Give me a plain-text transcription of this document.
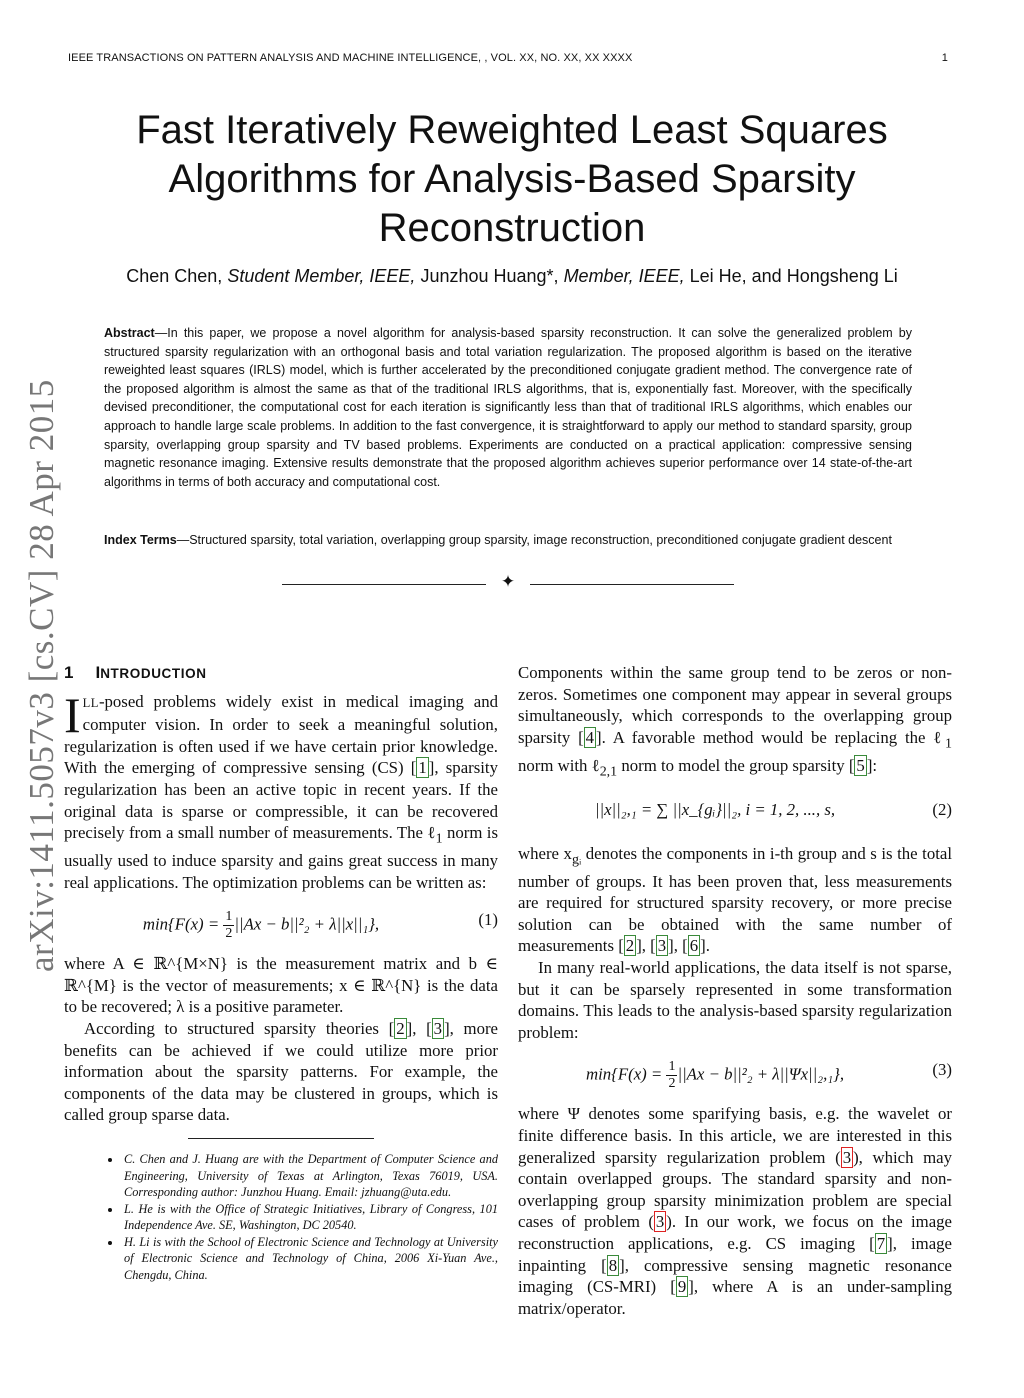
IEEE TRANSACTIONS ON PATTERN ANALYSIS AND MACHINE INTELLIGENCE, , VOL. XX, NO. XX, XX XXXX	1
Fast Iteratively Reweighted Least Squares
Algorithms for Analysis-Based Sparsity
Reconstruction
Chen Chen, Student Member, IEEE, Junzhou Huang*, Member, IEEE, Lei He, and Hongsheng Li
Abstract—In this paper, we propose a novel algorithm for analysis-based sparsity reconstruction. It can solve the generalized problem by structured sparsity regularization with an orthogonal basis and total variation regularization. The proposed algorithm is based on the iterative reweighted least squares (IRLS) model, which is further accelerated by the preconditioned conjugate gradient method. The convergence rate of the proposed algorithm is almost the same as that of the traditional IRLS algorithms, that is, exponentially fast. Moreover, with the specifically devised preconditioner, the computational cost for each iteration is significantly less than that of traditional IRLS algorithms, which enables our approach to handle large scale problems. In addition to the fast convergence, it is straightforward to apply our method to standard sparsity, group sparsity, overlapping group sparsity and TV based problems. Experiments are conducted on a practical application: compressive sensing magnetic resonance imaging. Extensive results demonstrate that the proposed algorithm achieves superior performance over 14 state-of-the-art algorithms in terms of both accuracy and computational cost.
Index Terms—Structured sparsity, total variation, overlapping group sparsity, image reconstruction, preconditioned conjugate gradient descent
✦
arXiv:1411.5057v3 [cs.CV] 28 Apr 2015 1 INTRODUCTION

ILL-posed problems widely exist in medical imaging and computer vision. In order to seek a meaningful solution, regularization is often used if we have certain prior knowledge. With the emerging of compressive sensing (CS) [ 1 ], sparsity regularization has been an active topic in recent years. If the original data is sparse or compressible, it can be recovered precisely from a small number of measurements. The ℓ$_1$ norm is usually used to induce sparsity and gains great success in many real applications. The optimization problems can be written as:

$\min\{F(x) = \frac{1}{2} ||Ax - b||^2_2 + \lambda||x||_1\}$,	(1)

where A ∈ ℝ^{M×N} is the measurement matrix and b ∈ ℝ^{M} is the vector of measurements; x ∈ ℝ^{N} is the data to be recovered; λ is a positive parameter.

According to structured sparsity theories [ 2 ], [ 3 ], more benefits can be achieved if we could utilize more prior information about the sparsity patterns. For example, the components of the data may be clustered in groups, which is called group sparse data.

• C. Chen and J. Huang are with the Department of Computer Science and Engineering, University of Texas at Arlington, Texas 76019, USA. Corresponding author: Junzhou Huang. Email: jzhuang@uta.edu.
• L. He is with the Office of Strategic Initiatives, Library of Congress, 101 Independence Ave. SE, Washington, DC 20540.
• H. Li is with the School of Electronic Science and Technology at University of Electronic Science and Technology of China, 2006 Xi-Yuan Ave., Chengdu, China.

Components within the same group tend to be zeros or non-zeros. Sometimes one component may appear in several groups simultaneously, which corresponds to the overlapping group sparsity [ 4 ]. A favorable method would be replacing the ℓ$_1$ norm with ℓ$_{2,1}$ norm to model the group sparsity [ 5 ]:

||x||₂,₁ = ∑ ||x_{gᵢ}||₂, i = 1, 2, ..., s,	(2)

where $x_{gᵢ}$ denotes the components in i-th group and s is the total number of groups. It has been proven that, less measurements are required for structured sparsity recovery, or more precise solution can be obtained with the same number of measurements [ 2 ], [ 3 ], [ 6 ].

In many real-world applications, the data itself is not sparse, but it can be sparsely represented in some transformation domains. This leads to the analysis-based sparsity regularization problem:

$\min\{F(x) = \frac{1}{2} ||Ax - b||^2_2 + \lambda||\Psi x||_2,_1\}$,	(3)

where Ψ denotes some sparifying basis, e.g. the wavelet or finite difference basis. In this article, we are interested in this generalized sparsity regularization problem ( 3 ), which may contain overlapped groups. The standard sparsity and non-overlapping group sparsity minimization problem are special cases of problem ( 3 ). In our work, we focus on the image reconstruction applications, e.g. CS imaging [ 7 ], image inpainting [ 8 ], compressive sensing magnetic resonance imaging (CS-MRI) [ 9 ], where A is an under-sampling matrix/operator.
